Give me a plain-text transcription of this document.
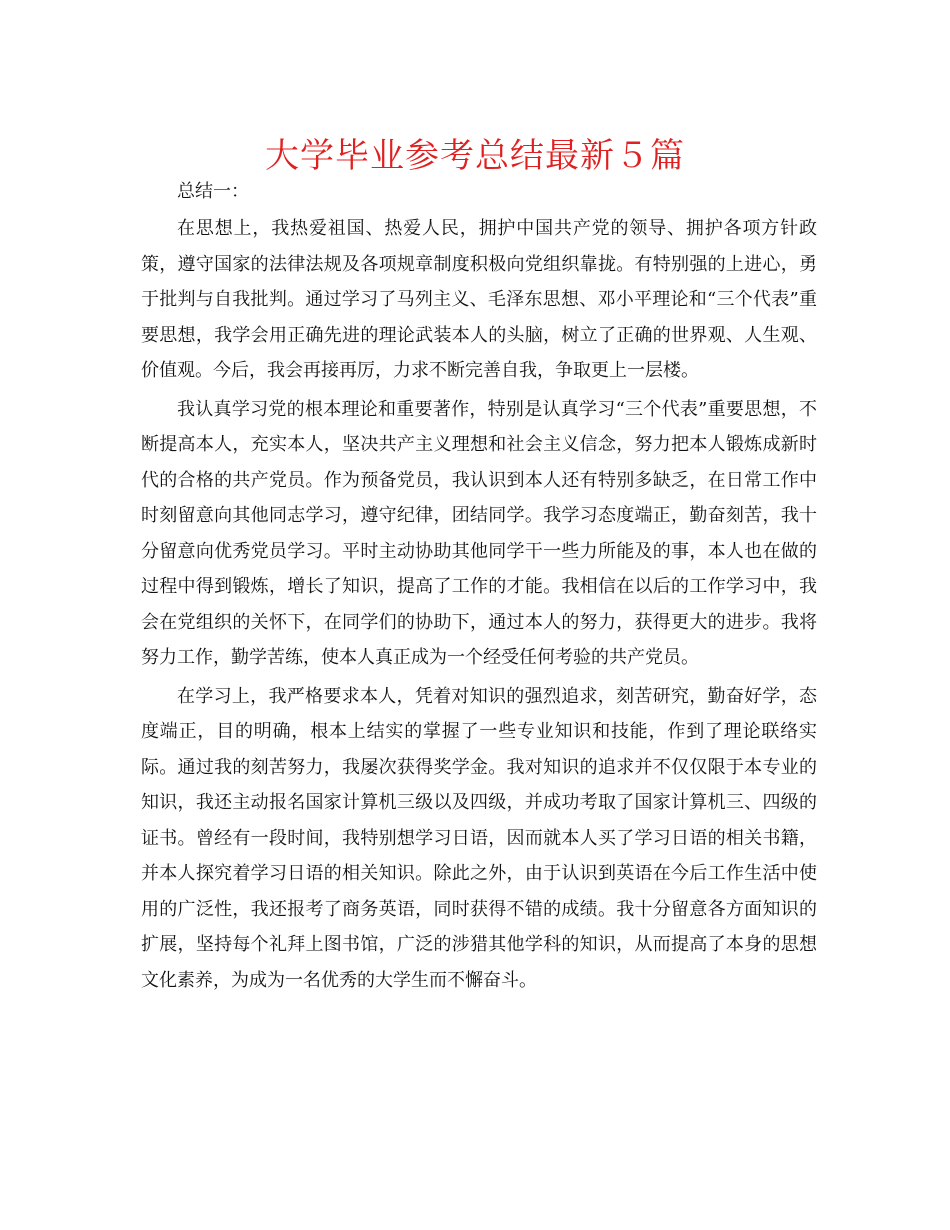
大学毕业参考总结最新５篇

总结一：

在思想上，我热爱祖国、热爱人民，拥护中国共产党的领导、拥护各项方针政策，遵守国家的法律法规及各项规章制度积极向党组织靠拢。有特别强的上进心，勇于批判与自我批判。通过学习了马列主义、毛泽东思想、邓小平理论和“三个代表”重要思想，我学会用正确先进的理论武装本人的头脑，树立了正确的世界观、人生观、价值观。今后，我会再接再厉，力求不断完善自我，争取更上一层楼。

我认真学习党的根本理论和重要著作，特别是认真学习“三个代表”重要思想，不断提高本人，充实本人，坚决共产主义理想和社会主义信念，努力把本人锻炼成新时代的合格的共产党员。作为预备党员，我认识到本人还有特别多缺乏，在日常工作中时刻留意向其他同志学习，遵守纪律，团结同学。我学习态度端正，勤奋刻苦，我十分留意向优秀党员学习。平时主动协助其他同学干一些力所能及的事，本人也在做的过程中得到锻炼，增长了知识，提高了工作的才能。我相信在以后的工作学习中，我会在党组织的关怀下，在同学们的协助下，通过本人的努力，获得更大的进步。我将努力工作，勤学苦练，使本人真正成为一个经受任何考验的共产党员。

在学习上，我严格要求本人，凭着对知识的强烈追求，刻苦研究，勤奋好学，态度端正，目的明确，根本上结实的掌握了一些专业知识和技能，作到了理论联络实际。通过我的刻苦努力，我屡次获得奖学金。我对知识的追求并不仅仅限于本专业的知识，我还主动报名国家计算机三级以及四级，并成功考取了国家计算机三、四级的证书。曾经有一段时间，我特别想学习日语，因而就本人买了学习日语的相关书籍，并本人探究着学习日语的相关知识。除此之外，由于认识到英语在今后工作生活中使用的广泛性，我还报考了商务英语，同时获得不错的成绩。我十分留意各方面知识的扩展，坚持每个礼拜上图书馆，广泛的涉猎其他学科的知识，从而提高了本身的思想文化素养，为成为一名优秀的大学生而不懈奋斗。
